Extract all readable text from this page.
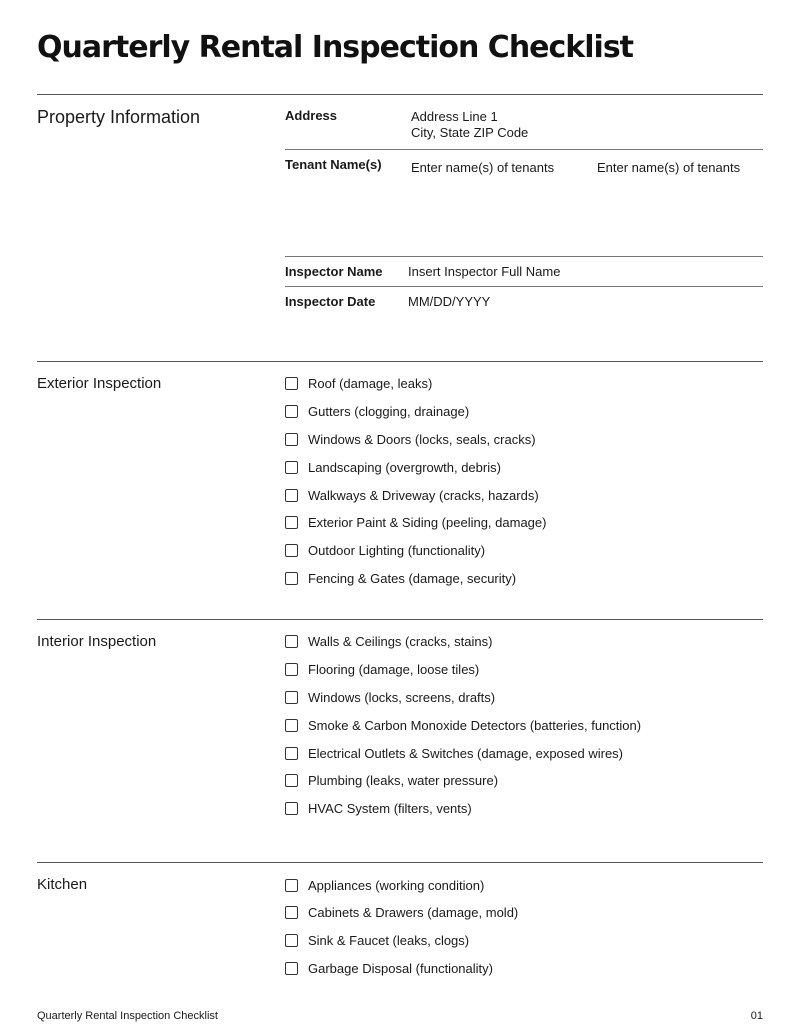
Quarterly Rental Inspection Checklist
Property Information	Address	Address Line 1
City, State ZIP Code
Tenant Name(s) Enter name(s) of tenants	Enter name(s) of tenants
Inspector Name Insert Inspector Full Name
Inspector Date	MM/DD/YYYY
Exterior Inspection	Roof (damage, leaks)
Gutters (clogging, drainage)
Windows & Doors (locks, seals, cracks)
Landscaping (overgrowth, debris)
Walkways & Driveway (cracks, hazards)
Exterior Paint & Siding (peeling, damage)
Outdoor Lighting (functionality)
Fencing & Gates (damage, security)
Interior Inspection	Walls & Ceilings (cracks, stains)
Flooring (damage, loose tiles)
Windows (locks, screens, drafts)
Smoke & Carbon Monoxide Detectors (batteries, function)
Electrical Outlets & Switches (damage, exposed wires)
Plumbing (leaks, water pressure)
HVAC System (filters, vents)
Kitchen	Appliances (working condition)
Cabinets & Drawers (damage, mold)
Sink & Faucet (leaks, clogs)
Garbage Disposal (functionality)
Quarterly Rental Inspection Checklist	01
